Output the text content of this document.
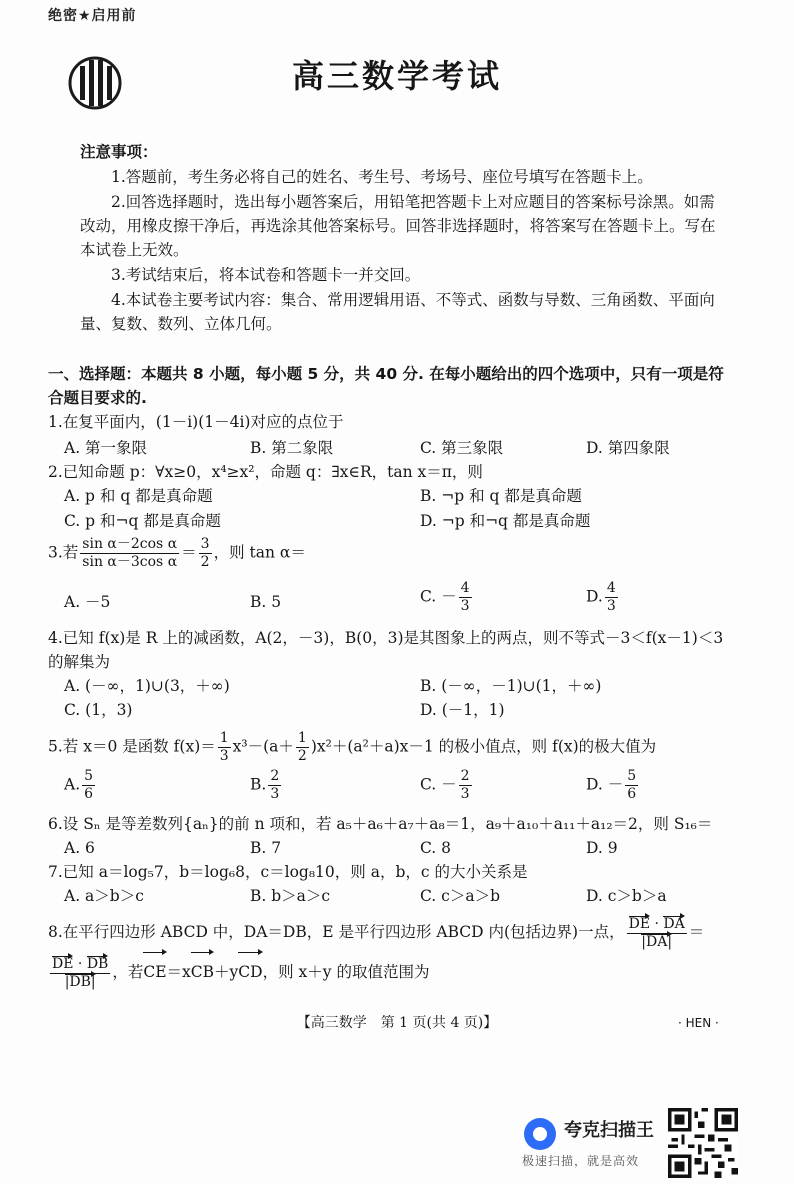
绝密★启用前
高三数学考试
注意事项：

1.答题前，考生务必将自己的姓名、考生号、考场号、座位号填写在答题卡上。

2.回答选择题时，选出每小题答案后，用铅笔把答题卡上对应题目的答案标号涂黑。如需改动，用橡皮擦干净后，再选涂其他答案标号。回答非选择题时，将答案写在答题卡上。写在本试卷上无效。

3.考试结束后，将本试卷和答题卡一并交回。

4.本试卷主要考试内容：集合、常用逻辑用语、不等式、函数与导数、三角函数、平面向量、复数、数列、立体几何。

一、选择题：本题共 8 小题，每小题 5 分，共 40 分. 在每小题给出的四个选项中，只有一项是符合题目要求的.
1.在复平面内，(1－i)(1－4i)对应的点位于
A. 第一象限	B. 第二象限	C. 第三象限	D. 第四象限
2.已知命题 p：∀x≥0，x⁴≥x²，命题 q：∃x∈R，tan x＝π，则
A. p 和 q 都是真命题	B. ¬p 和 q 都是真命题
C. p 和¬q 都是真命题	D. ¬p 和¬q 都是真命题
3.若 $\frac{\text{sin α－2cos α}}{\text{sin α－3cos α}} = \frac{3}{2}$ ，则 tan α＝
A. －5	B. 5	C. － $\frac{4}{3}$	D. $\frac{4}{3}$
4.已知 f(x)是 R 上的减函数，A(2，－3)，B(0，3)是其图象上的两点，则不等式－3＜f(x－1)＜3 的解集为
A. (－∞，1)∪(3，＋∞)	B. (－∞，－1)∪(1，＋∞)
C. (1，3)	D. (－1，1)
5.若 x＝0 是函数 $f(x)= \frac{1}{3} x^3-(a+ \frac{1}{2} )x^2+(a^2+a)x-1$ 的极小值点，则 f(x)的极大值为
A. $\frac{5}{6}$	B. $\frac{2}{3}$	C. － $\frac{2}{3}$	D. － $\frac{5}{6}$
6.设 Sₙ 是等差数列{aₙ}的前 n 项和，若 a₅＋a₆＋a₇＋a₈＝1，a₉＋a₁₀＋a₁₁＋a₁₂＝2，则 S₁₆＝
A. 6	B. 7	C. 8	D. 9
7.已知 a＝log₅7，b＝log₆8，c＝log₈10，则 a，b，c 的大小关系是
A. a＞b＞c	B. b＞a＞c	C. c＞a＞b	D. c＞b＞a
8.在平行四边形 ABCD 中，DA＝DB，E 是平行四边形 ABCD 内(包括边界)一点， $\frac{DE \cdot DA}{|DA|}$ ＝

$\frac{DE \cdot DB}{|DB|}$ ，若CE＝xCB＋yCD，则 x＋y 的取值范围为
【高三数学　第 1 页(共 4 页)】	· HEN ·
夸克扫描王
极速扫描，就是高效
